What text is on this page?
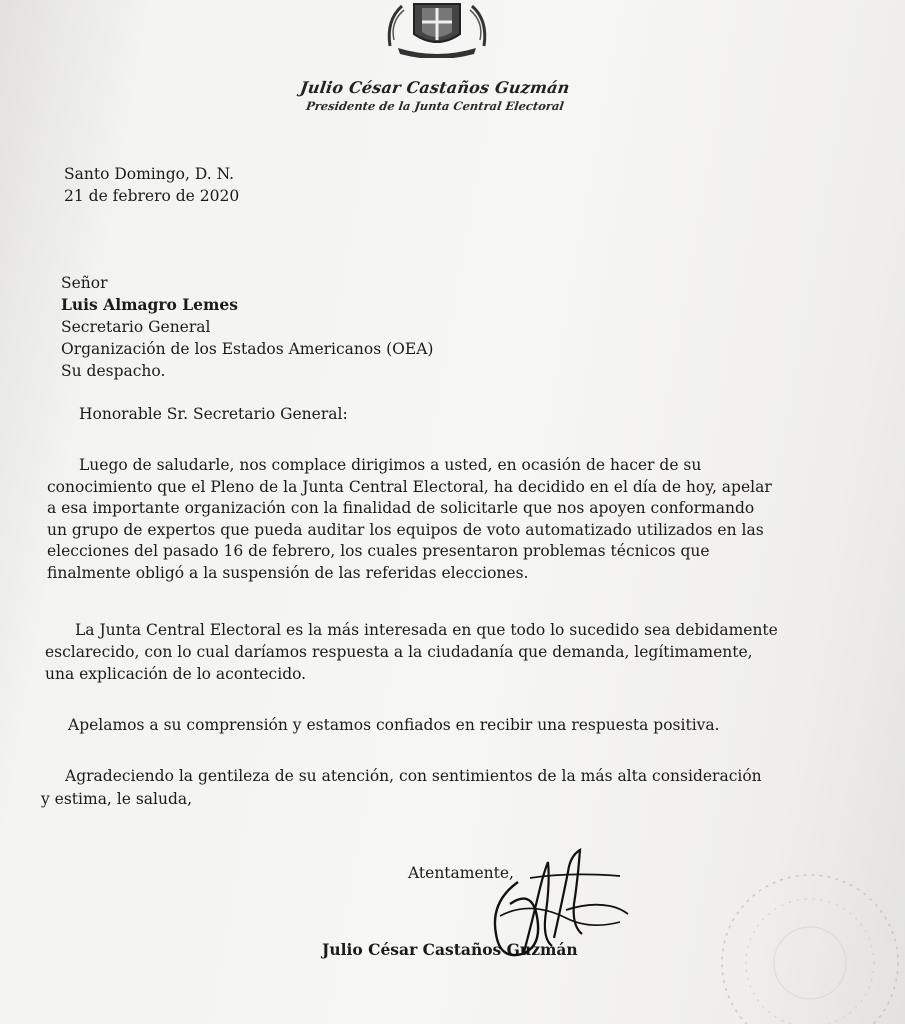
Julio César Castaños Guzmán
Presidente de la Junta Central Electoral
Santo Domingo, D. N.
21 de febrero de 2020
Señor
Luis Almagro Lemes
Secretario General
Organización de los Estados Americanos (OEA)
Su despacho.
Honorable Sr. Secretario General:
Luego de saludarle, nos complace dirigimos a usted, en ocasión de hacer de su
conocimiento que el Pleno de la Junta Central Electoral, ha decidido en el día de hoy, apelar
a esa importante organización con la finalidad de solicitarle que nos apoyen conformando
un grupo de expertos que pueda auditar los equipos de voto automatizado utilizados en las
elecciones del pasado 16 de febrero, los cuales presentaron problemas técnicos que
finalmente obligó a la suspensión de las referidas elecciones.
La Junta Central Electoral es la más interesada en que todo lo sucedido sea debidamente
esclarecido, con lo cual daríamos respuesta a la ciudadanía que demanda, legítimamente,
una explicación de lo acontecido.
Apelamos a su comprensión y estamos confiados en recibir una respuesta positiva.
Agradeciendo la gentileza de su atención, con sentimientos de la más alta consideración
y estima, le saluda,
Atentamente,
Julio César Castaños Guzmán
